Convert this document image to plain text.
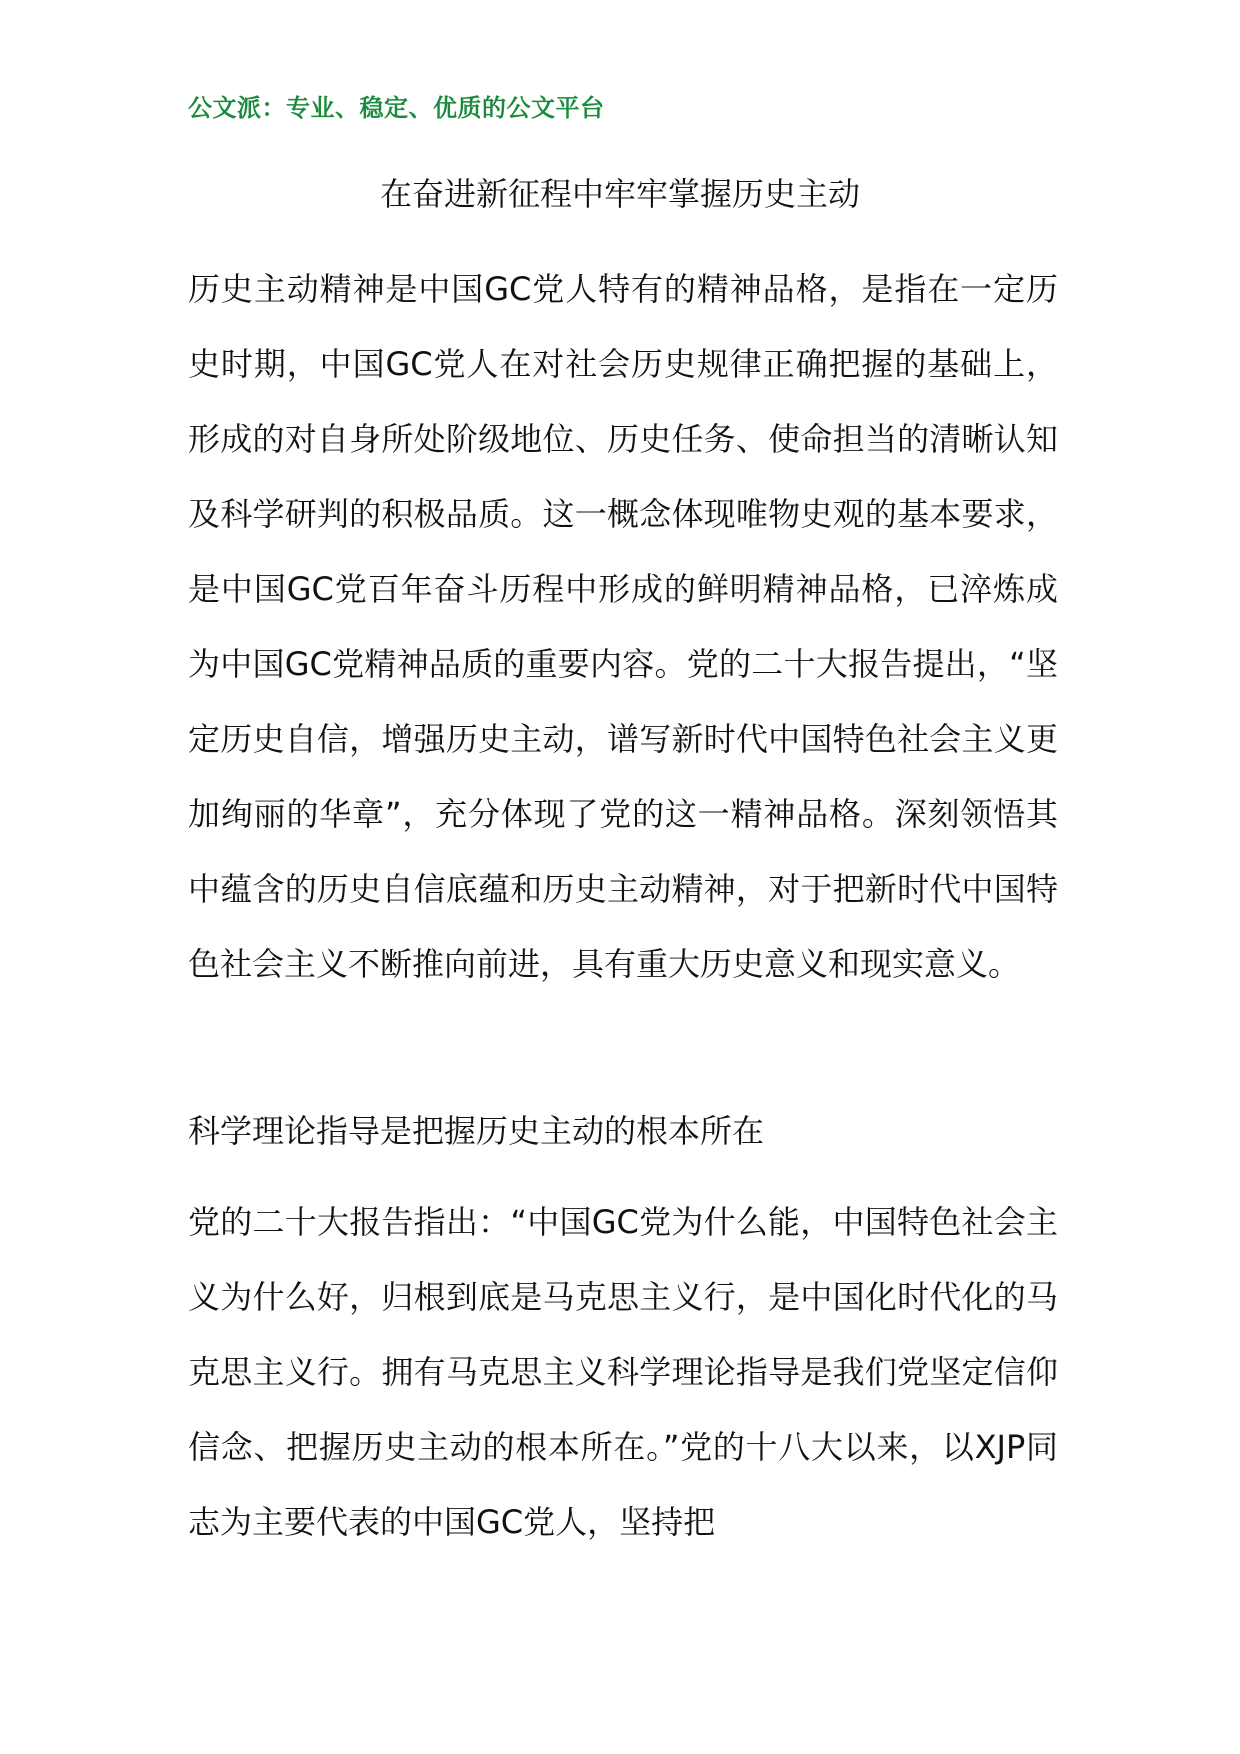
公文派：专业、稳定、优质的公文平台
在奋进新征程中牢牢掌握历史主动
历史主动精神是中国GC党人特有的精神品格，是指在一定历史时期，中国GC党人在对社会历史规律正确把握的基础上，形成的对自身所处阶级地位、历史任务、使命担当的清晰认知及科学研判的积极品质。这一概念体现唯物史观的基本要求，是中国GC党百年奋斗历程中形成的鲜明精神品格，已淬炼成为中国GC党精神品质的重要内容。党的二十大报告提出，“坚定历史自信，增强历史主动，谱写新时代中国特色社会主义更加绚丽的华章”，充分体现了党的这一精神品格。深刻领悟其中蕴含的历史自信底蕴和历史主动精神，对于把新时代中国特色社会主义不断推向前进，具有重大历史意义和现实意义。
科学理论指导是把握历史主动的根本所在
党的二十大报告指出：“中国GC党为什么能，中国特色社会主义为什么好，归根到底是马克思主义行，是中国化时代化的马克思主义行。拥有马克思主义科学理论指导是我们党坚定信仰信念、把握历史主动的根本所在。”党的十八大以来，以XJP同志为主要代表的中国GC党人，坚持把
